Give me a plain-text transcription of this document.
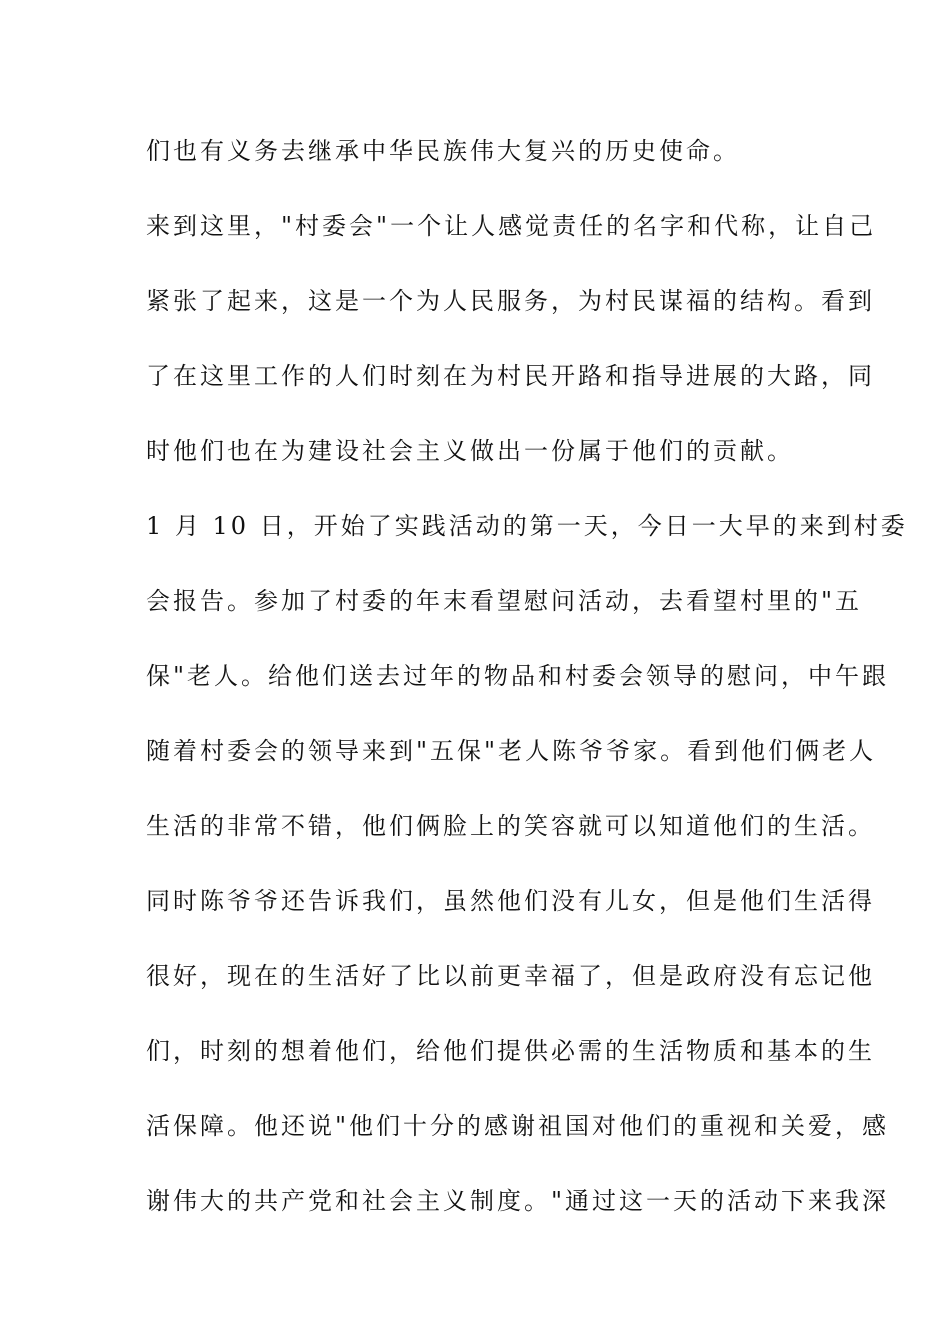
们也有义务去继承中华民族伟大复兴的历史使命。
来到这里，"村委会"一个让人感觉责任的名字和代称，让自己
紧张了起来，这是一个为人民服务，为村民谋福的结构。看到
了在这里工作的人们时刻在为村民开路和指导进展的大路，同
时他们也在为建设社会主义做出一份属于他们的贡献。
1 月 10 日，开始了实践活动的第一天，今日一大早的来到村委
会报告。参加了村委的年末看望慰问活动，去看望村里的"五
保"老人。给他们送去过年的物品和村委会领导的慰问，中午跟
随着村委会的领导来到"五保"老人陈爷爷家。看到他们俩老人
生活的非常不错，他们俩脸上的笑容就可以知道他们的生活。
同时陈爷爷还告诉我们，虽然他们没有儿女，但是他们生活得
很好，现在的生活好了比以前更幸福了，但是政府没有忘记他
们，时刻的想着他们，给他们提供必需的生活物质和基本的生
活保障。他还说"他们十分的感谢祖国对他们的重视和关爱，感
谢伟大的共产党和社会主义制度。"通过这一天的活动下来我深
